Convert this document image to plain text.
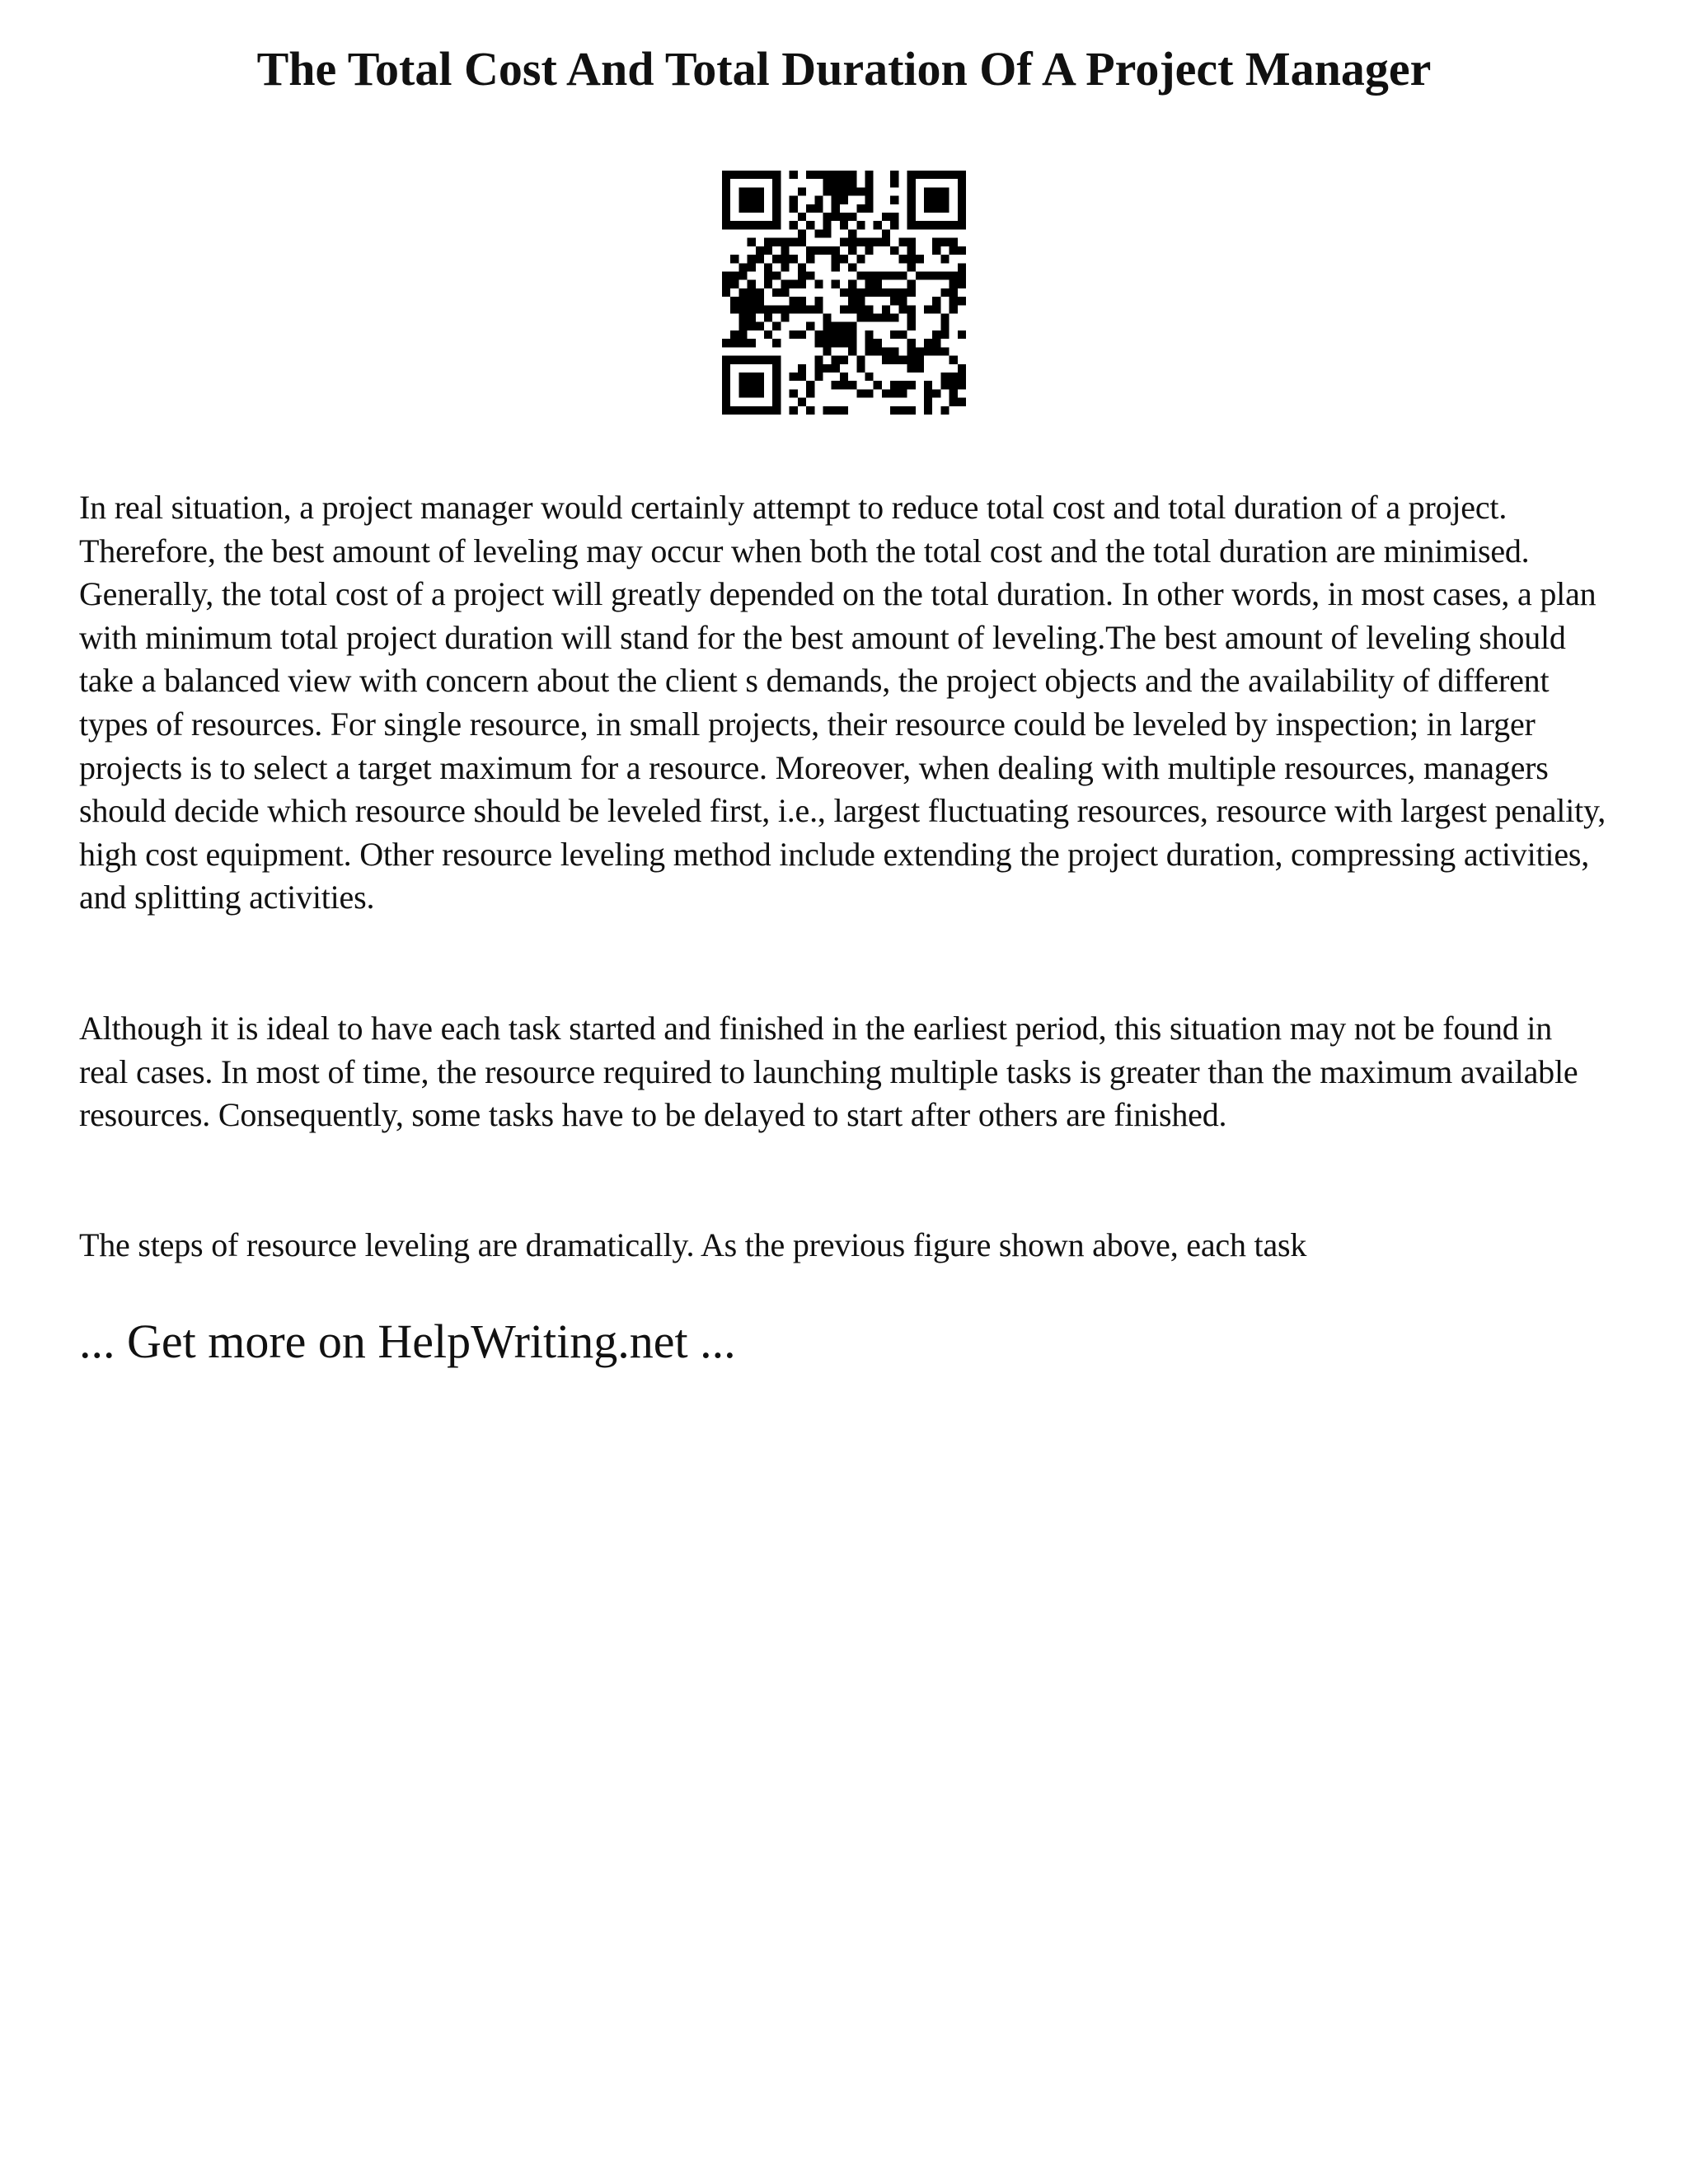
The Total Cost And Total Duration Of A Project Manager

In real situation, a project manager would certainly attempt to reduce total cost and total duration of a project. Therefore, the best amount of leveling may occur when both the total cost and the total duration are minimised. Generally, the total cost of a project will greatly depended on the total duration. In other words, in most cases, a plan with minimum total project duration will stand for the best amount of leveling.The best amount of leveling should take a balanced view with concern about the client s demands, the project objects and the availability of different types of resources. For single resource, in small projects, their resource could be leveled by inspection; in larger projects is to select a target maximum for a resource. Moreover, when dealing with multiple resources, managers should decide which resource should be leveled first, i.e., largest fluctuating resources, resource with largest penality, high cost equipment. Other resource leveling method include extending the project duration, compressing activities, and splitting activities.

Although it is ideal to have each task started and finished in the earliest period, this situation may not be found in real cases. In most of time, the resource required to launching multiple tasks is greater than the maximum available resources. Consequently, some tasks have to be delayed to start after others are finished.

The steps of resource leveling are dramatically. As the previous figure shown above, each task

... Get more on HelpWriting.net ...
